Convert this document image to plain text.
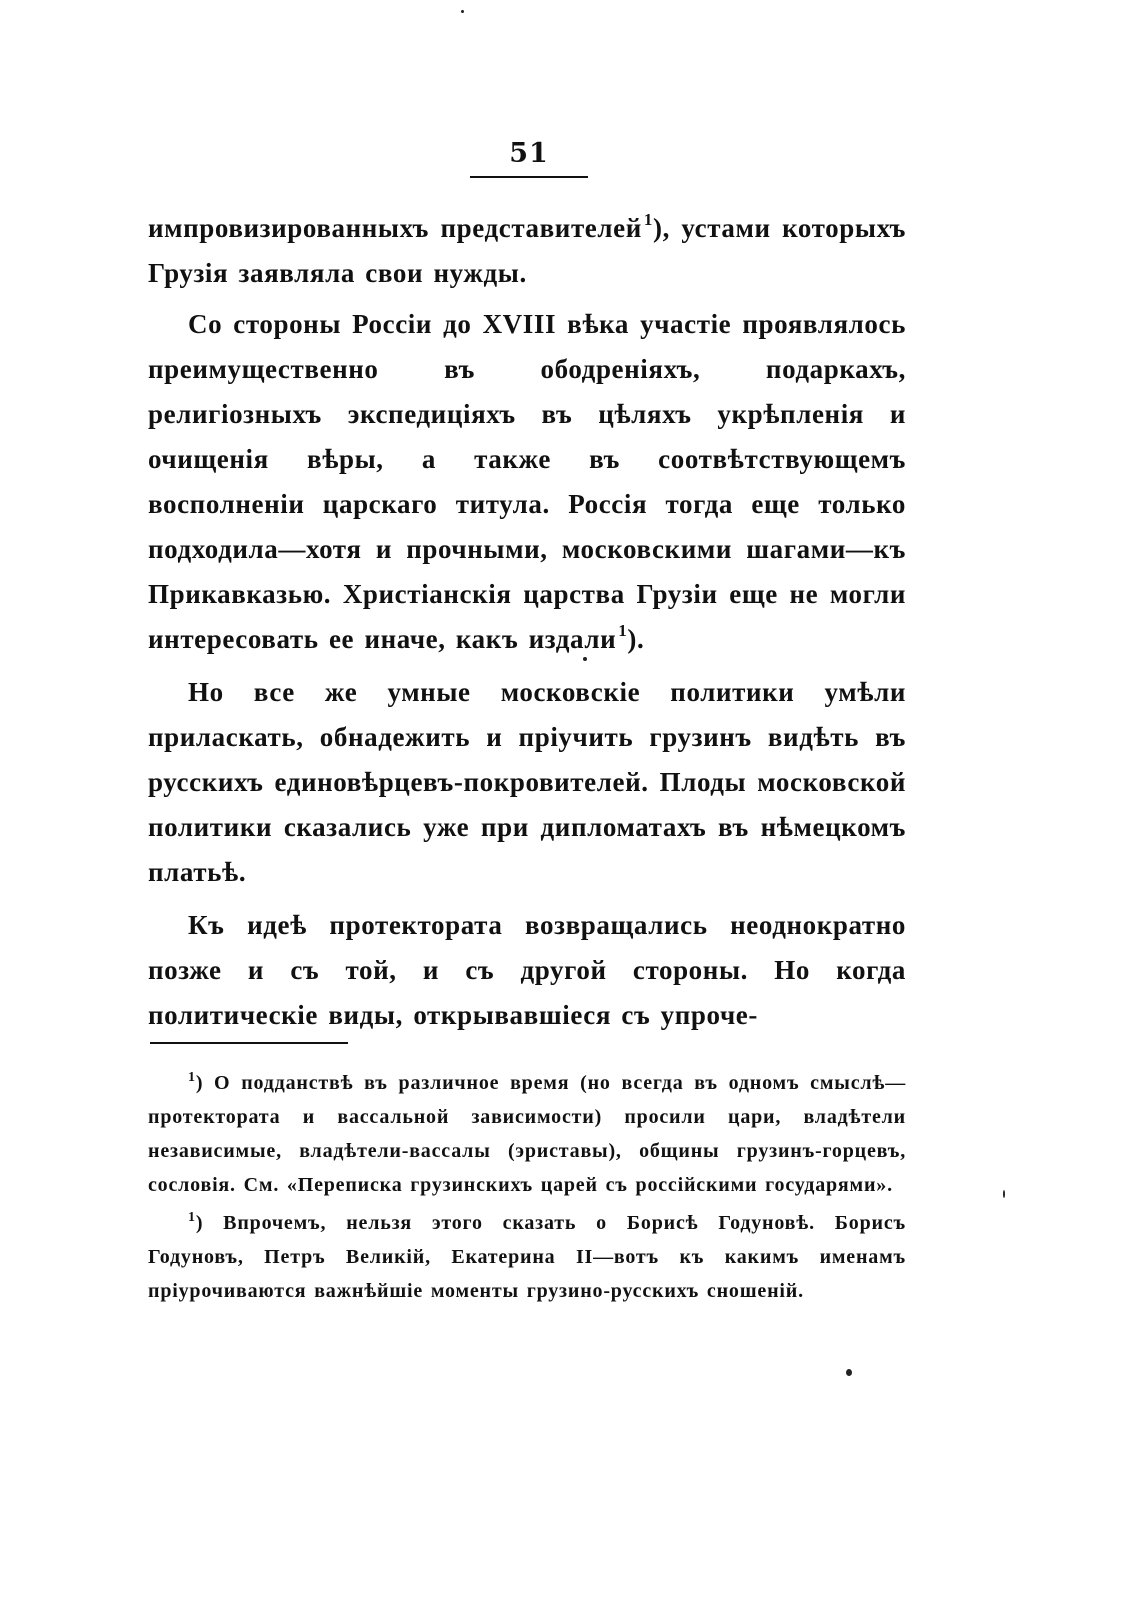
51

импровизированныхъ представителей $^1$), устами которыхъ Грузія заявляла свои нужды.

Со стороны Россіи до XVIII вѣка участіе проявлялось преимущественно въ ободреніяхъ, подаркахъ, религіозныхъ экспедиціяхъ въ цѣляхъ укрѣпленія и очищенія вѣры, а также въ соотвѣтствующемъ восполненіи царскаго титула. Россія тогда еще только подходила—хотя и прочными, московскими шагами—къ Прикавказью. Христіанскія царства Грузіи еще не могли интересовать ее иначе, какъ издали $^1$).

Но все же умные московскіе политики умѣли приласкать, обнадежить и пріучить грузинъ видѣть въ русскихъ единовѣрцевъ-покровителей. Плоды московской политики сказались уже при дипломатахъ въ нѣмецкомъ платьѣ.

Къ идеѣ протектората возвращались неоднократно позже и съ той, и съ другой стороны. Но когда политическіе виды, открывавшіеся съ упроче-

$^1$) О подданствѣ въ различное время (но всегда въ одномъ смыслѣ—протектората и вассальной зависимости) просили цари, владѣтели независимые, владѣтели-вассалы (эриставы), общины грузинъ-горцевъ, сословія. См. «Переписка грузинскихъ царей съ россійскими государями».

$^1$) Впрочемъ, нельзя этого сказать о Борисѣ Годуновѣ. Борисъ Годуновъ, Петръ Великій, Екатерина II—вотъ къ какимъ именамъ пріурочиваются важнѣйшіе моменты грузино-русскихъ сношеній.
